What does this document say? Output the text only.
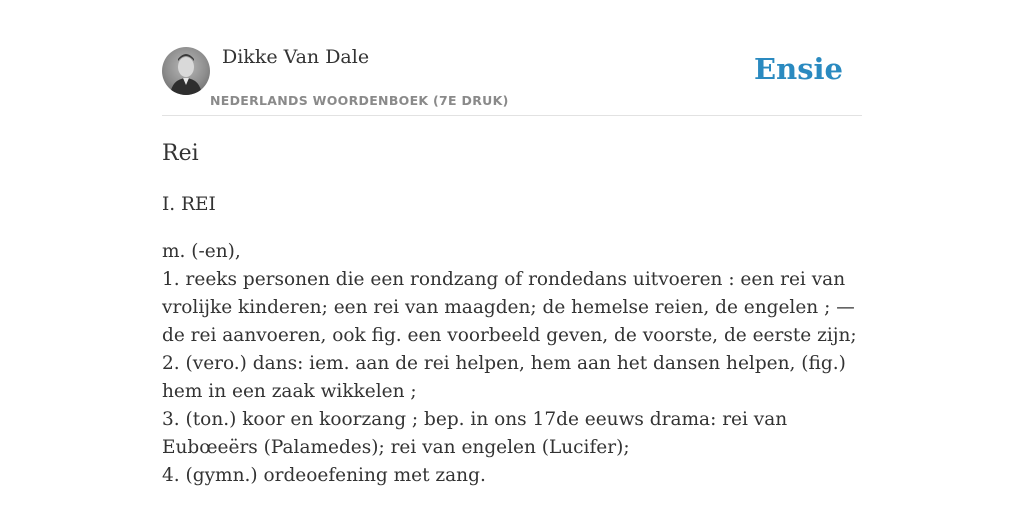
Dikke Van Dale
NEDERLANDS WOORDENBOEK (7E DRUK)
Ensie
Rei
I. REI

m. (-en),

1. reeks personen die een rondzang of rondedans uitvoeren : een rei van vrolijke kinderen; een rei van maagden; de hemelse reien, de engelen ; — de rei aanvoeren, ook fig. een voorbeeld geven, de voorste, de eerste zijn;

2. (vero.) dans: iem. aan de rei helpen, hem aan het dansen helpen, (fig.) hem in een zaak wikkelen ;

3. (ton.) koor en koorzang ; bep. in ons 17de eeuws drama: rei van Eubœeërs (Palamedes); rei van engelen (Lucifer);

4. (gymn.) ordeoefening met zang.
